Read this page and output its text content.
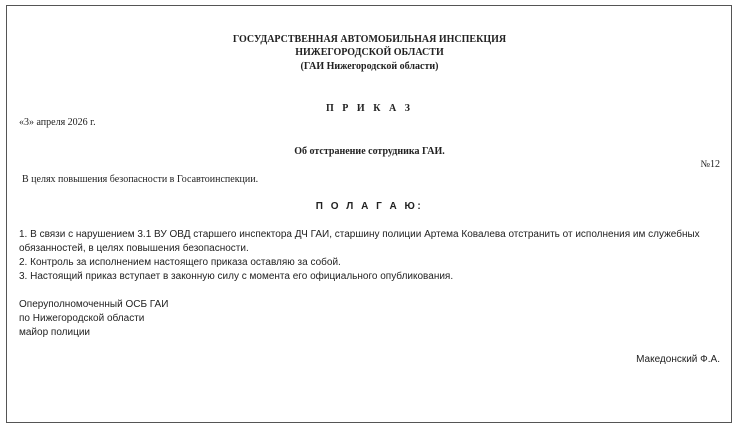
ГОСУДАРСТВЕННАЯ АВТОМОБИЛЬНАЯ ИНСПЕКЦИЯ
НИЖЕГОРОДСКОЙ ОБЛАСТИ
(ГАИ Нижегородской области)
П Р И К А З
«3» апреля 2026 г.
Об отстранение сотрудника ГАИ.
№12
В целях повышения безопасности в Госавтоинспекции.
П О Л А Г А Ю:
1. В связи с нарушением 3.1 ВУ ОВД старшего инспектора ДЧ ГАИ, старшину полиции Артема Ковалева отстранить от исполнения им служебных обязанностей, в целях повышения безопасности.
2. Контроль за исполнением настоящего приказа оставляю за собой.
3. Настоящий приказ вступает в законную силу с момента его официального опубликования.
Оперуполномоченный ОСБ ГАИ
по Нижегородской области
майор полиции
Македонский Ф.А.
